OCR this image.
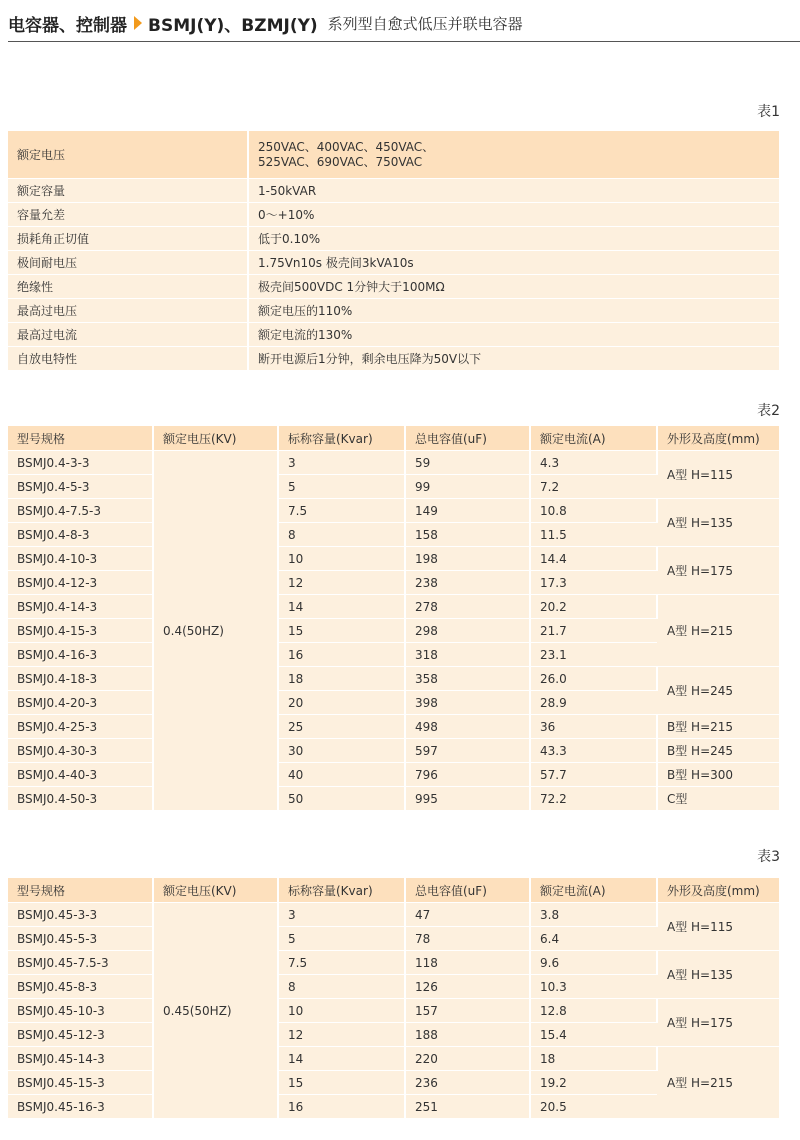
电容器、控制器 BSMJ(Y)、BZMJ(Y) 系列型自愈式低压并联电容器
表1
额定电压	250VAC、400VAC、450VAC、
525VAC、690VAC、750VAC

额定容量	1-50kVAR
容量允差	0～+10%
损耗角正切值	低于0.10%
极间耐电压	1.75Vn10s 极壳间3kVA10s
绝缘性	极壳间500VDC 1分钟大于100MΩ
最高过电压	额定电压的110%
最高过电流	额定电流的130%
自放电特性	断开电源后1分钟，剩余电压降为50V以下
表2
型号规格	额定电压(KV)	标称容量(Kvar)	总电容值(uF)	额定电流(A)	外形及高度(mm)
BSMJ0.4-3-3	0.4(50HZ)	3	59	4.3	A型 H=115
BSMJ0.4-5-3		5	99	7.2	
BSMJ0.4-7.5-3		7.5	149	10.8	A型 H=135
BSMJ0.4-8-3		8	158	11.5	
BSMJ0.4-10-3		10	198	14.4	A型 H=175
BSMJ0.4-12-3		12	238	17.3	
BSMJ0.4-14-3		14	278	20.2	A型 H=215
BSMJ0.4-15-3		15	298	21.7	
BSMJ0.4-16-3		16	318	23.1	
BSMJ0.4-18-3		18	358	26.0	A型 H=245
BSMJ0.4-20-3		20	398	28.9	
BSMJ0.4-25-3		25	498	36	B型 H=215
BSMJ0.4-30-3		30	597	43.3	B型 H=245
BSMJ0.4-40-3		40	796	57.7	B型 H=300
BSMJ0.4-50-3		50	995	72.2	C型
表3
型号规格	额定电压(KV)	标称容量(Kvar)	总电容值(uF)	额定电流(A)	外形及高度(mm)
BSMJ0.45-3-3	0.45(50HZ)	3	47	3.8	A型 H=115
BSMJ0.45-5-3		5	78	6.4	
BSMJ0.45-7.5-3		7.5	118	9.6	A型 H=135
BSMJ0.45-8-3		8	126	10.3	
BSMJ0.45-10-3		10	157	12.8	A型 H=175
BSMJ0.45-12-3		12	188	15.4	
BSMJ0.45-14-3		14	220	18	A型 H=215
BSMJ0.45-15-3		15	236	19.2	
BSMJ0.45-16-3		16	251	20.5	
